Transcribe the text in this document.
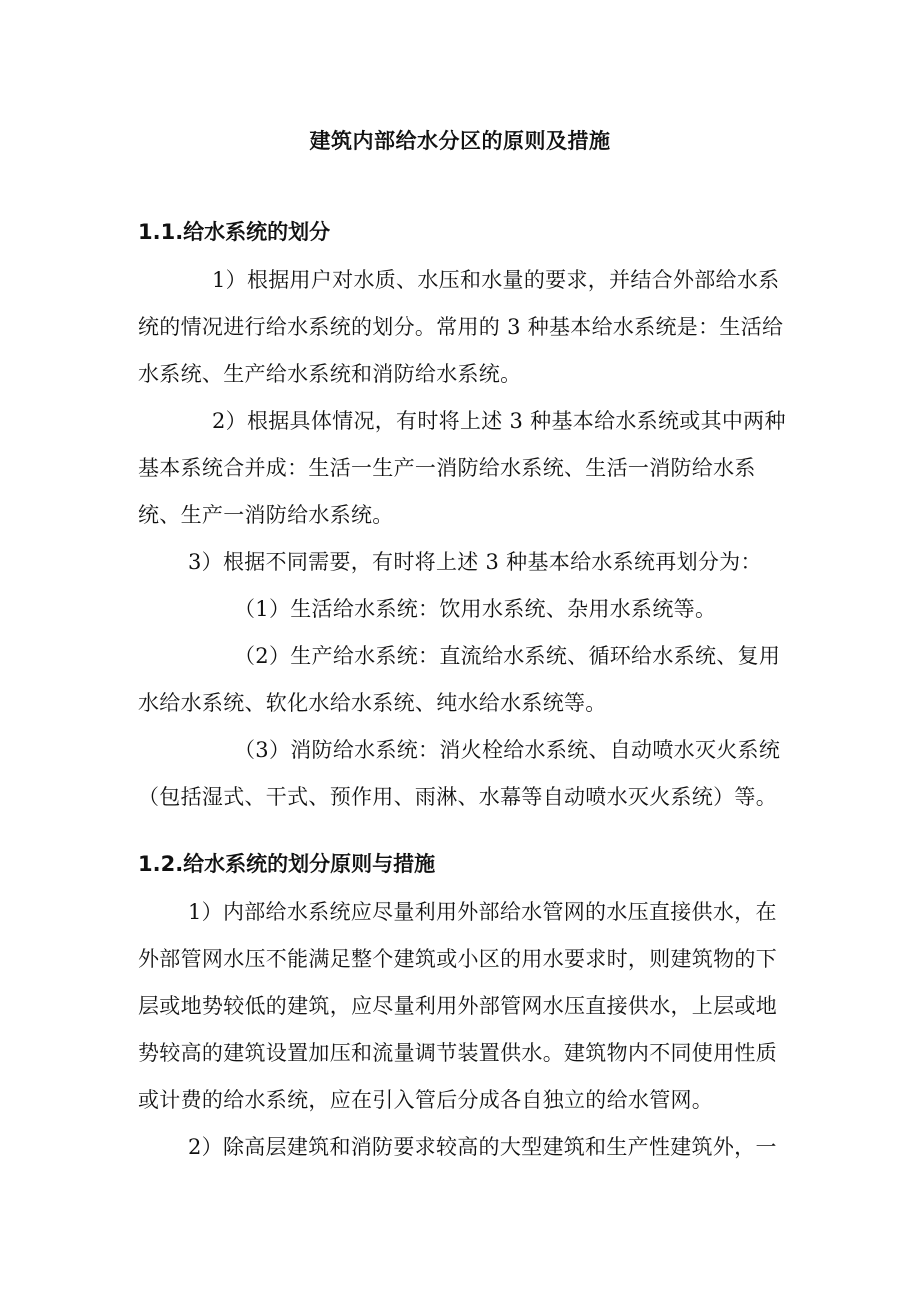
建筑内部给水分区的原则及措施
1.1.给水系统的划分

1）根据用户对水质、水压和水量的要求，并结合外部给水系统的情况进行给水系统的划分。常用的 3 种基本给水系统是：生活给水系统、生产给水系统和消防给水系统。

2）根据具体情况，有时将上述 3 种基本给水系统或其中两种基本系统合并成：生活一生产一消防给水系统、生活一消防给水系统、生产一消防给水系统。

3）根据不同需要，有时将上述 3 种基本给水系统再划分为：

（1）生活给水系统：饮用水系统、杂用水系统等。

（2）生产给水系统：直流给水系统、循环给水系统、复用水给水系统、软化水给水系统、纯水给水系统等。

（3）消防给水系统：消火栓给水系统、自动喷水灭火系统（包括湿式、干式、预作用、雨淋、水幕等自动喷水灭火系统）等。

1.2.给水系统的划分原则与措施

1）内部给水系统应尽量利用外部给水管网的水压直接供水，在外部管网水压不能满足整个建筑或小区的用水要求时，则建筑物的下层或地势较低的建筑，应尽量利用外部管网水压直接供水，上层或地势较高的建筑设置加压和流量调节装置供水。建筑物内不同使用性质或计费的给水系统，应在引入管后分成各自独立的给水管网。

2）除高层建筑和消防要求较高的大型建筑和生产性建筑外，一
